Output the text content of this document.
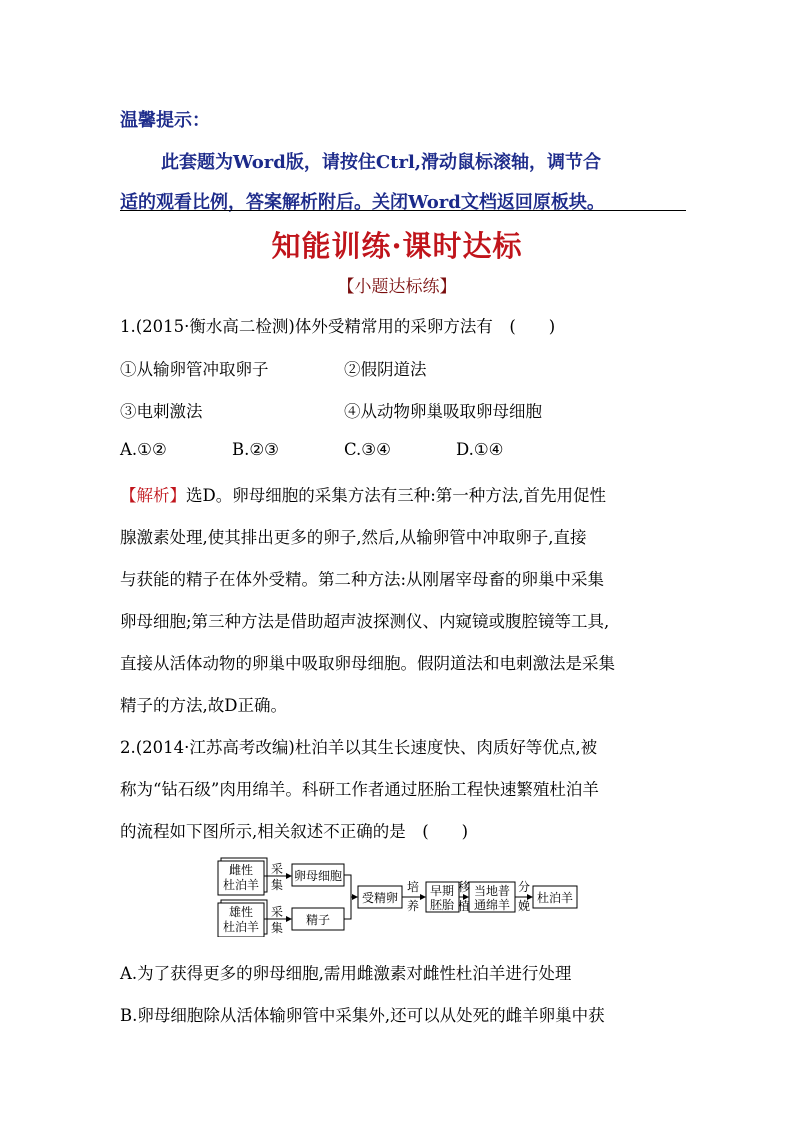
温馨提示：
此套题为Word版，请按住Ctrl,滑动鼠标滚轴，调节合
适的观看比例，答案解析附后。关闭Word文档返回原板块。
知能训练·课时达标
【小题达标练】
1.(2015·衡水高二检测)体外受精常用的采卵方法有　(　　)
①从输卵管冲取卵子	②假阴道法
③电刺激法	④从动物卵巢吸取卵母细胞
A.①②	B.②③	C.③④	D.①④
【解析】选D。卵母细胞的采集方法有三种:第一种方法,首先用促性
腺激素处理,使其排出更多的卵子,然后,从输卵管中冲取卵子,直接
与获能的精子在体外受精。第二种方法:从刚屠宰母畜的卵巢中采集
卵母细胞;第三种方法是借助超声波探测仪、内窥镜或腹腔镜等工具,
直接从活体动物的卵巢中吸取卵母细胞。假阴道法和电刺激法是采集
精子的方法,故D正确。
2.(2014·江苏高考改编)杜泊羊以其生长速度快、肉质好等优点,被
称为“钻石级”肉用绵羊。科研工作者通过胚胎工程快速繁殖杜泊羊
的流程如下图所示,相关叙述不正确的是　(　　)
雌性
杜泊羊
采
集
卵母细胞
雄性
杜泊羊
采
集
精子
受精卵
培
养
早期
胚胎
移
植
当地普
通绵羊
分
娩
杜泊羊
A.为了获得更多的卵母细胞,需用雌激素对雌性杜泊羊进行处理
B.卵母细胞除从活体输卵管中采集外,还可以从处死的雌羊卵巢中获
